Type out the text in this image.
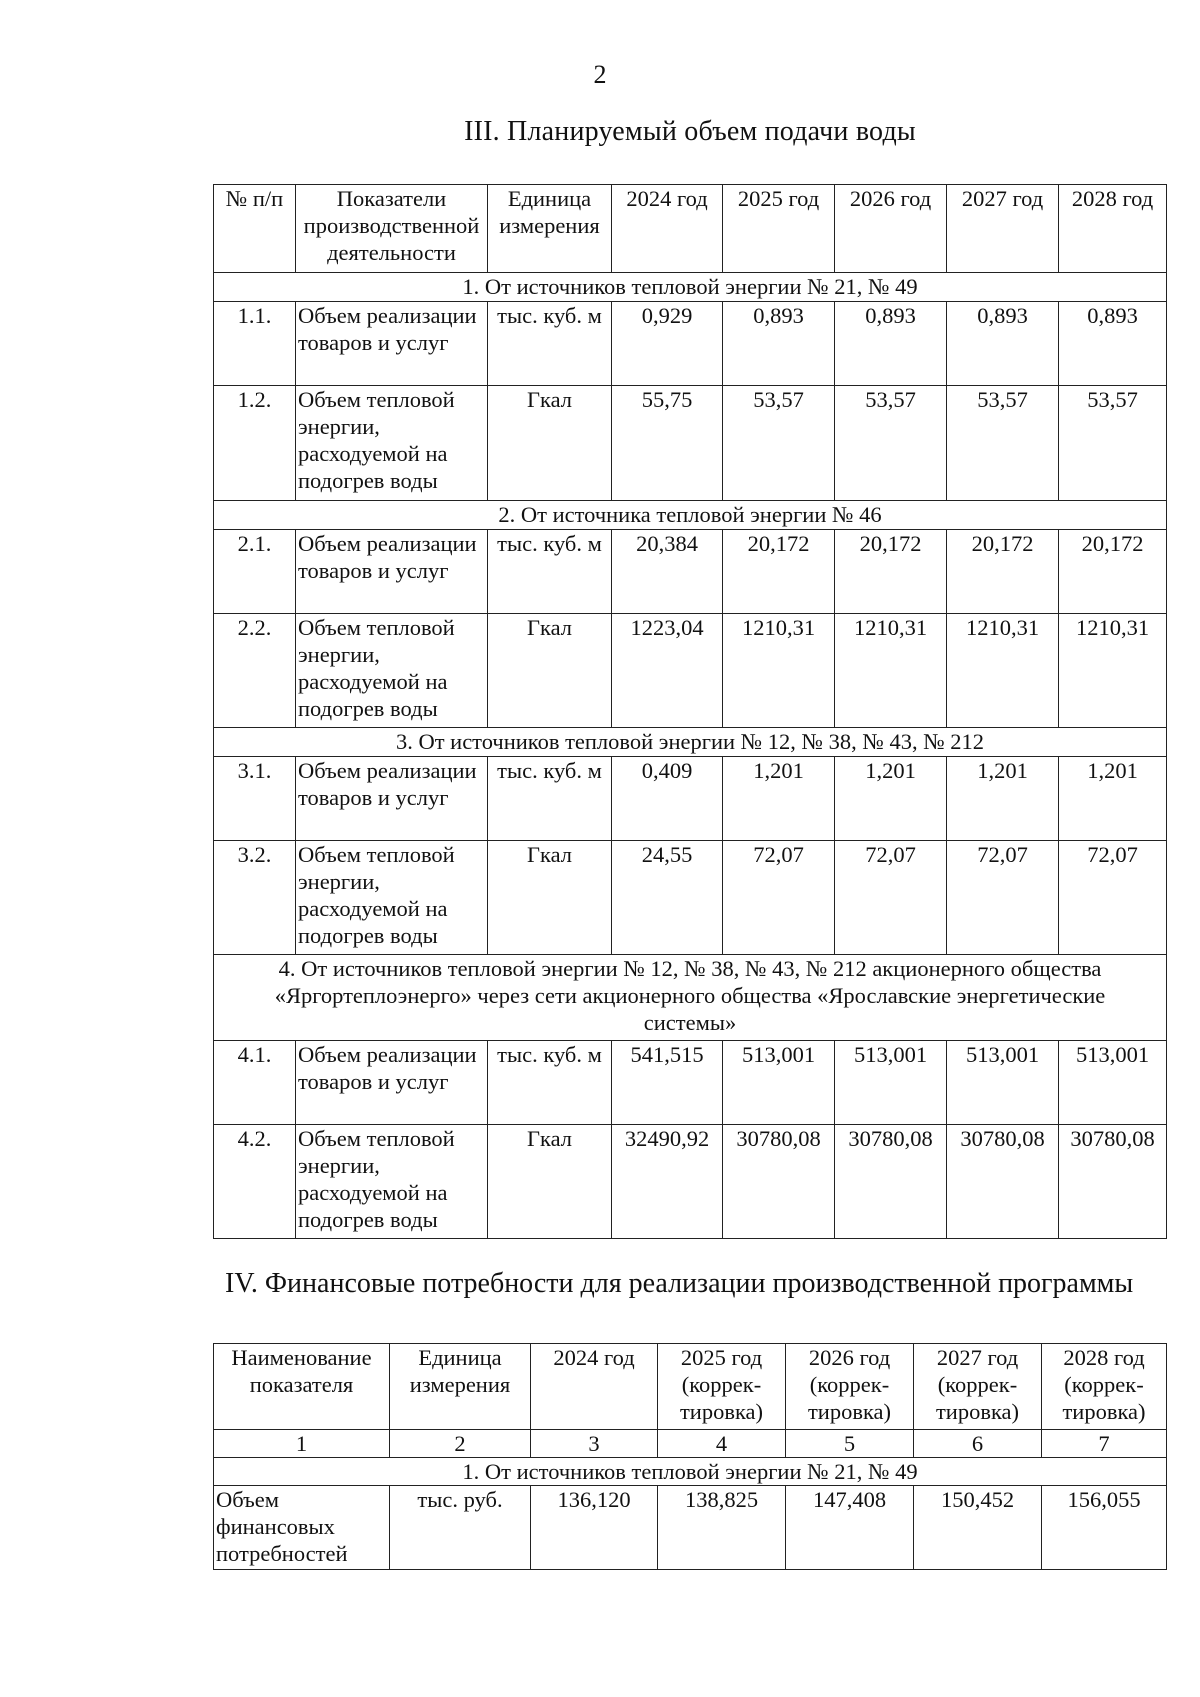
2
III. Планируемый объем подачи воды
№ п/п	Показатели производственной деятельности	Единица измерения	2024 год	2025 год	2026 год	2027 год	2028 год
1. От источников тепловой энергии № 21, № 49							
1.1.	Объем реализации товаров и услуг	тыс. куб. м	0,929	0,893	0,893	0,893	0,893
1.2.	Объем тепловой энергии, расходуемой на подогрев воды	Гкал	55,75	53,57	53,57	53,57	53,57
2. От источника тепловой энергии № 46							
2.1.	Объем реализации товаров и услуг	тыс. куб. м	20,384	20,172	20,172	20,172	20,172
2.2.	Объем тепловой энергии, расходуемой на подогрев воды	Гкал	1223,04	1210,31	1210,31	1210,31	1210,31
3. От источников тепловой энергии № 12, № 38, № 43, № 212							
3.1.	Объем реализации товаров и услуг	тыс. куб. м	0,409	1,201	1,201	1,201	1,201
3.2.	Объем тепловой энергии, расходуемой на подогрев воды	Гкал	24,55	72,07	72,07	72,07	72,07
4. От источников тепловой энергии № 12, № 38, № 43, № 212 акционерного общества «Яргортеплоэнерго» через сети акционерного общества «Ярославские энергетические системы»							
4.1.	Объем реализации товаров и услуг	тыс. куб. м	541,515	513,001	513,001	513,001	513,001
4.2.	Объем тепловой энергии, расходуемой на подогрев воды	Гкал	32490,92	30780,08	30780,08	30780,08	30780,08
IV. Финансовые потребности для реализации производственной программы
Наименование показателя	Единица измерения	2024 год	2025 год (коррек-тировка)	2026 год (коррек-тировка)	2027 год (коррек-тировка)	2028 год (коррек-тировка)
1	2	3	4	5	6	7
1. От источников тепловой энергии № 21, № 49						
Объем финансовых потребностей	тыс. руб.	136,120	138,825	147,408	150,452	156,055
